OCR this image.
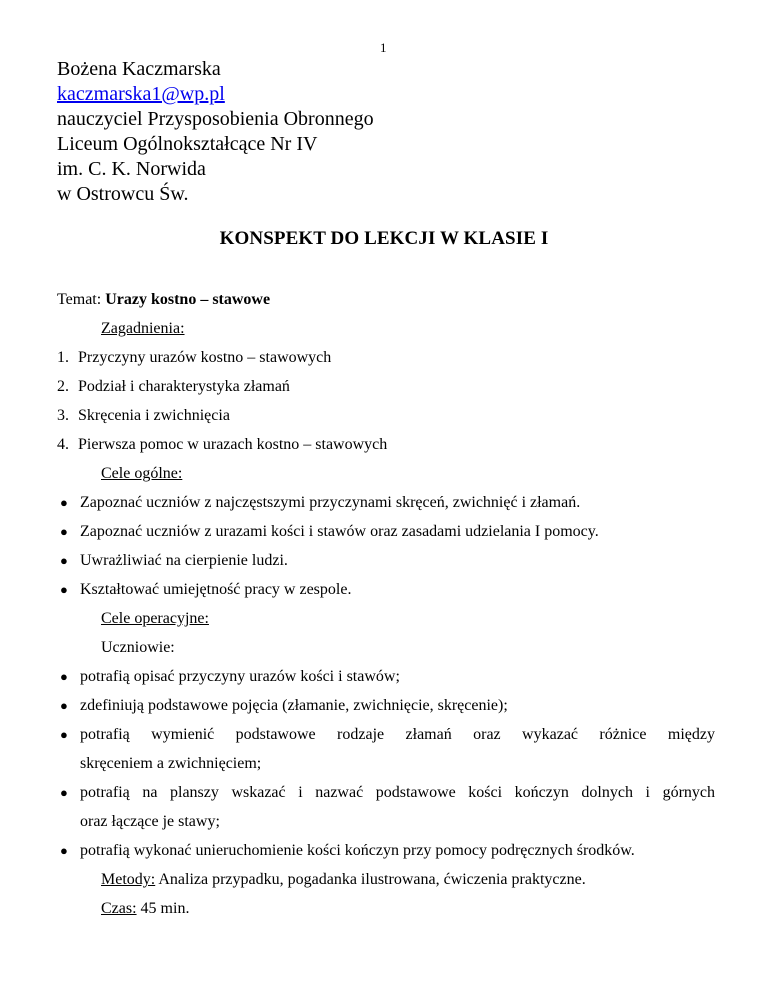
1
Bożena Kaczmarska
kaczmarska1@wp.pl
nauczyciel Przysposobienia Obronnego
Liceum Ogólnokształcące Nr IV
im. C. K. Norwida
w Ostrowcu Św.
KONSPEKT DO LEKCJI W KLASIE I
Temat: Urazy kostno – stawowe
Zagadnienia:
1. Przyczyny urazów kostno – stawowych
2. Podział i charakterystyka złamań
3. Skręcenia i zwichnięcia
4. Pierwsza pomoc w urazach kostno – stawowych
Cele ogólne:
● Zapoznać uczniów z najczęstszymi przyczynami skręceń, zwichnięć i złamań.
● Zapoznać uczniów z urazami kości i stawów oraz zasadami udzielania I pomocy.
● Uwrażliwiać na cierpienie ludzi.
● Kształtować umiejętność pracy w zespole.
Cele operacyjne:
Uczniowie:
● potrafią opisać przyczyny urazów kości i stawów;
● zdefiniują podstawowe pojęcia (złamanie, zwichnięcie, skręcenie);
● potrafią wymienić podstawowe rodzaje złamań oraz wykazać różnice między
skręceniem a zwichnięciem;
● potrafią na planszy wskazać i nazwać podstawowe kości kończyn dolnych i górnych
oraz łączące je stawy;
● potrafią wykonać unieruchomienie kości kończyn przy pomocy podręcznych środków.
Metody: Analiza przypadku, pogadanka ilustrowana, ćwiczenia praktyczne.
Czas: 45 min.
